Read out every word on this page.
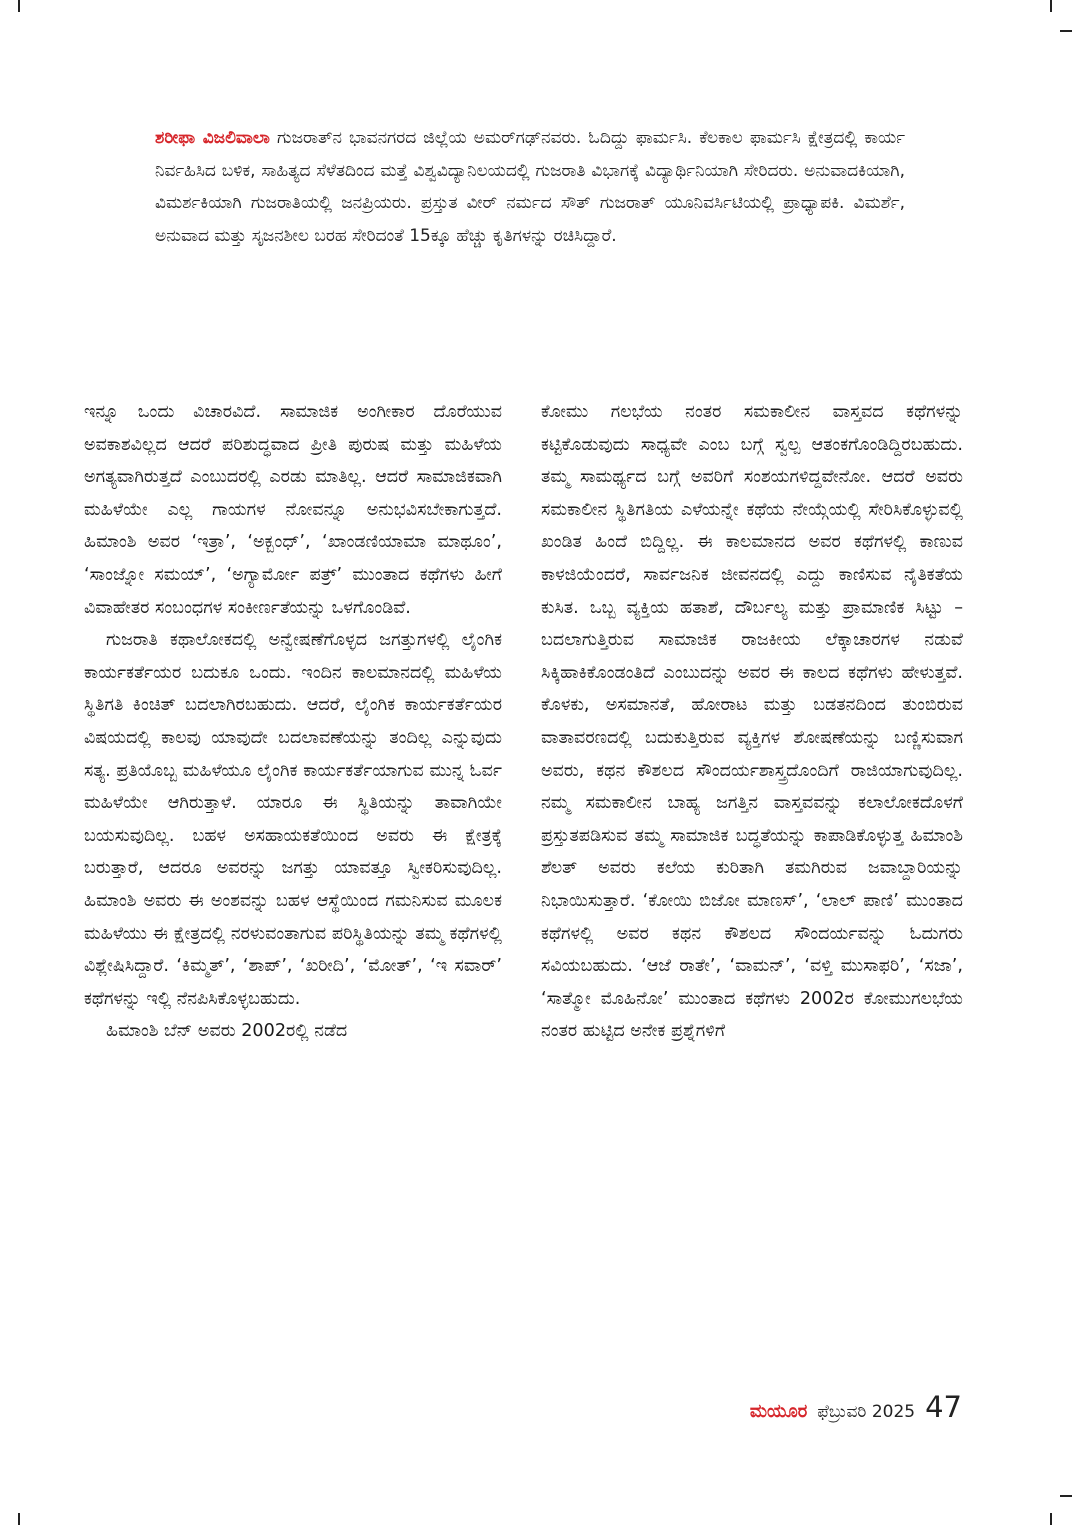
ಶರೀಫಾ ವಿಜಲಿವಾಲಾ ಗುಜರಾತ್‌ನ ಭಾವನಗರದ ಜಿಲ್ಲೆಯ ಅಮರ್‌ಗಢ್‌ನವರು. ಓದಿದ್ದು ಫಾರ್ಮಸಿ. ಕೆಲಕಾಲ ಫಾರ್ಮಸಿ ಕ್ಷೇತ್ರದಲ್ಲಿ ಕಾರ್ಯ ನಿರ್ವಹಿಸಿದ ಬಳಿಕ, ಸಾಹಿತ್ಯದ ಸೆಳೆತದಿಂದ ಮತ್ತೆ ವಿಶ್ವವಿದ್ಯಾನಿಲಯದಲ್ಲಿ ಗುಜರಾತಿ ವಿಭಾಗಕ್ಕೆ ವಿದ್ಯಾರ್ಥಿನಿಯಾಗಿ ಸೇರಿದರು. ಅನುವಾದಕಿಯಾಗಿ, ವಿಮರ್ಶಕಿಯಾಗಿ ಗುಜರಾತಿಯಲ್ಲಿ ಜನಪ್ರಿಯರು. ಪ್ರಸ್ತುತ ವೀರ್ ನರ್ಮದ ಸೌತ್ ಗುಜರಾತ್ ಯೂನಿವರ್ಸಿಟಿಯಲ್ಲಿ ಪ್ರಾಧ್ಯಾಪಕಿ. ವಿಮರ್ಶೆ, ಅನುವಾದ ಮತ್ತು ಸೃಜನಶೀಲ ಬರಹ ಸೇರಿದಂತೆ 15ಕ್ಕೂ ಹೆಚ್ಚು ಕೃತಿಗಳನ್ನು ರಚಿಸಿದ್ದಾರೆ.

ಇನ್ನೂ ಒಂದು ವಿಚಾರವಿದೆ. ಸಾಮಾಜಿಕ ಅಂಗೀಕಾರ ದೊರೆಯುವ ಅವಕಾಶವಿಲ್ಲದ ಆದರೆ ಪರಿಶುದ್ಧವಾದ ಪ್ರೀತಿ ಪುರುಷ ಮತ್ತು ಮಹಿಳೆಯ ಅಗತ್ಯವಾಗಿರುತ್ತದೆ ಎಂಬುದರಲ್ಲಿ ಎರಡು ಮಾತಿಲ್ಲ. ಆದರೆ ಸಾಮಾಜಿಕವಾಗಿ ಮಹಿಳೆಯೇ ಎಲ್ಲ ಗಾಯಗಳ ನೋವನ್ನೂ ಅನುಭವಿಸಬೇಕಾಗುತ್ತದೆ. ಹಿಮಾಂಶಿ ಅವರ ‘ಇತ್ರಾ’, ‘ಅಕ್ಬಂಧ್’, ‘ಖಾಂಡಣಿಯಾಮಾ ಮಾಥೂಂ’, ‘ಸಾಂಜ್ನೋ ಸಮಯ್’, ‘ಅಗ್ಯಾರ್ಮೋ ಪತ್ರ್’ ಮುಂತಾದ ಕಥೆಗಳು ಹೀಗೆ ವಿವಾಹೇತರ ಸಂಬಂಧಗಳ ಸಂಕೀರ್ಣತೆಯನ್ನು ಒಳಗೊಂಡಿವೆ.

ಗುಜರಾತಿ ಕಥಾಲೋಕದಲ್ಲಿ ಅನ್ವೇಷಣೆಗೊಳ್ಳದ ಜಗತ್ತುಗಳಲ್ಲಿ ಲೈಂಗಿಕ ಕಾರ್ಯಕರ್ತೆಯರ ಬದುಕೂ ಒಂದು. ಇಂದಿನ ಕಾಲಮಾನದಲ್ಲಿ ಮಹಿಳೆಯ ಸ್ಥಿತಿಗತಿ ಕಿಂಚಿತ್ ಬದಲಾಗಿರಬಹುದು. ಆದರೆ, ಲೈಂಗಿಕ ಕಾರ್ಯಕರ್ತೆಯರ ವಿಷಯದಲ್ಲಿ ಕಾಲವು ಯಾವುದೇ ಬದಲಾವಣೆಯನ್ನು ತಂದಿಲ್ಲ ಎನ್ನುವುದು ಸತ್ಯ. ಪ್ರತಿಯೊಬ್ಬ ಮಹಿಳೆಯೂ ಲೈಂಗಿಕ ಕಾರ್ಯಕರ್ತೆಯಾಗುವ ಮುನ್ನ ಓರ್ವ ಮಹಿಳೆಯೇ ಆಗಿರುತ್ತಾಳೆ. ಯಾರೂ ಈ ಸ್ಥಿತಿಯನ್ನು ತಾವಾಗಿಯೇ ಬಯಸುವುದಿಲ್ಲ. ಬಹಳ ಅಸಹಾಯಕತೆಯಿಂದ ಅವರು ಈ ಕ್ಷೇತ್ರಕ್ಕೆ ಬರುತ್ತಾರೆ, ಆದರೂ ಅವರನ್ನು ಜಗತ್ತು ಯಾವತ್ತೂ ಸ್ವೀಕರಿಸುವುದಿಲ್ಲ. ಹಿಮಾಂಶಿ ಅವರು ಈ ಅಂಶವನ್ನು ಬಹಳ ಆಸ್ಥೆಯಿಂದ ಗಮನಿಸುವ ಮೂಲಕ ಮಹಿಳೆಯು ಈ ಕ್ಷೇತ್ರದಲ್ಲಿ ನರಳುವಂತಾಗುವ ಪರಿಸ್ಥಿತಿಯನ್ನು ತಮ್ಮ ಕಥೆಗಳಲ್ಲಿ ವಿಶ್ಲೇಷಿಸಿದ್ದಾರೆ. ‘ಕಿಮ್ಮತ್’, ‘ಶಾಪ್’, ‘ಖರೀದಿ’, ‘ಮೋತ್’, ‘ಇ ಸವಾರ್’ ಕಥೆಗಳನ್ನು ಇಲ್ಲಿ ನೆನಪಿಸಿಕೊಳ್ಳಬಹುದು.

ಹಿಮಾಂಶಿ ಬೆನ್ ಅವರು 2002ರಲ್ಲಿ ನಡೆದ

ಕೋಮು ಗಲಭೆಯ ನಂತರ ಸಮಕಾಲೀನ ವಾಸ್ತವದ ಕಥೆಗಳನ್ನು ಕಟ್ಟಿಕೊಡುವುದು ಸಾಧ್ಯವೇ ಎಂಬ ಬಗ್ಗೆ ಸ್ವಲ್ಪ ಆತಂಕಗೊಂಡಿದ್ದಿರಬಹುದು. ತಮ್ಮ ಸಾಮರ್ಥ್ಯದ ಬಗ್ಗೆ ಅವರಿಗೆ ಸಂಶಯಗಳಿದ್ದವೇನೋ. ಆದರೆ ಅವರು ಸಮಕಾಲೀನ ಸ್ಥಿತಿಗತಿಯ ಎಳೆಯನ್ನೇ ಕಥೆಯ ನೇಯ್ಗೆಯಲ್ಲಿ ಸೇರಿಸಿಕೊಳ್ಳುವಲ್ಲಿ ಖಂಡಿತ ಹಿಂದೆ ಬಿದ್ದಿಲ್ಲ. ಈ ಕಾಲಮಾನದ ಅವರ ಕಥೆಗಳಲ್ಲಿ ಕಾಣುವ ಕಾಳಜಿಯೆಂದರೆ, ಸಾರ್ವಜನಿಕ ಜೀವನದಲ್ಲಿ ಎದ್ದು ಕಾಣಿಸುವ ನೈತಿಕತೆಯ ಕುಸಿತ. ಒಬ್ಬ ವ್ಯಕ್ತಿಯ ಹತಾಶೆ, ದೌರ್ಬಲ್ಯ ಮತ್ತು ಪ್ರಾಮಾಣಿಕ ಸಿಟ್ಟು – ಬದಲಾಗುತ್ತಿರುವ ಸಾಮಾಜಿಕ ರಾಜಕೀಯ ಲೆಕ್ಕಾಚಾರಗಳ ನಡುವೆ ಸಿಕ್ಕಿಹಾಕಿಕೊಂಡಂತಿದೆ ಎಂಬುದನ್ನು ಅವರ ಈ ಕಾಲದ ಕಥೆಗಳು ಹೇಳುತ್ತವೆ. ಕೊಳಕು, ಅಸಮಾನತೆ, ಹೋರಾಟ ಮತ್ತು ಬಡತನದಿಂದ ತುಂಬಿರುವ ವಾತಾವರಣದಲ್ಲಿ ಬದುಕುತ್ತಿರುವ ವ್ಯಕ್ತಿಗಳ ಶೋಷಣೆಯನ್ನು ಬಣ್ಣಿಸುವಾಗ ಅವರು, ಕಥನ ಕೌಶಲದ ಸೌಂದರ್ಯಶಾಸ್ತ್ರದೊಂದಿಗೆ ರಾಜಿಯಾಗುವುದಿಲ್ಲ. ನಮ್ಮ ಸಮಕಾಲೀನ ಬಾಹ್ಯ ಜಗತ್ತಿನ ವಾಸ್ತವವನ್ನು ಕಲಾಲೋಕದೊಳಗೆ ಪ್ರಸ್ತುತಪಡಿಸುವ ತಮ್ಮ ಸಾಮಾಜಿಕ ಬದ್ಧತೆಯನ್ನು ಕಾಪಾಡಿಕೊಳ್ಳುತ್ತ ಹಿಮಾಂಶಿ ಶೆಲತ್ ಅವರು ಕಲೆಯ ಕುರಿತಾಗಿ ತಮಗಿರುವ ಜವಾಬ್ದಾರಿಯನ್ನು ನಿಭಾಯಿಸುತ್ತಾರೆ. ‘ಕೋಯಿ ಬಿಜೋ ಮಾಣಸ್’, ‘ಲಾಲ್ ಪಾಣಿ’ ಮುಂತಾದ ಕಥೆಗಳಲ್ಲಿ ಅವರ ಕಥನ ಕೌಶಲದ ಸೌಂದರ್ಯವನ್ನು ಓದುಗರು ಸವಿಯಬಹುದು. ‘ಆಜೆ ರಾತೇ’, ‘ವಾಮನ್’, ‘ವಳ್ತಿ ಮುಸಾಫರಿ’, ‘ಸಜಾ’, ‘ಸಾತ್ಮೋ ಮೊಹಿನೋ’ ಮುಂತಾದ ಕಥೆಗಳು 2002ರ ಕೋಮುಗಲಭೆಯ ನಂತರ ಹುಟ್ಟಿದ ಅನೇಕ ಪ್ರಶ್ನೆಗಳಿಗೆ

ಮಯೂರ ಫೆಬ್ರುವರಿ 2025 47
